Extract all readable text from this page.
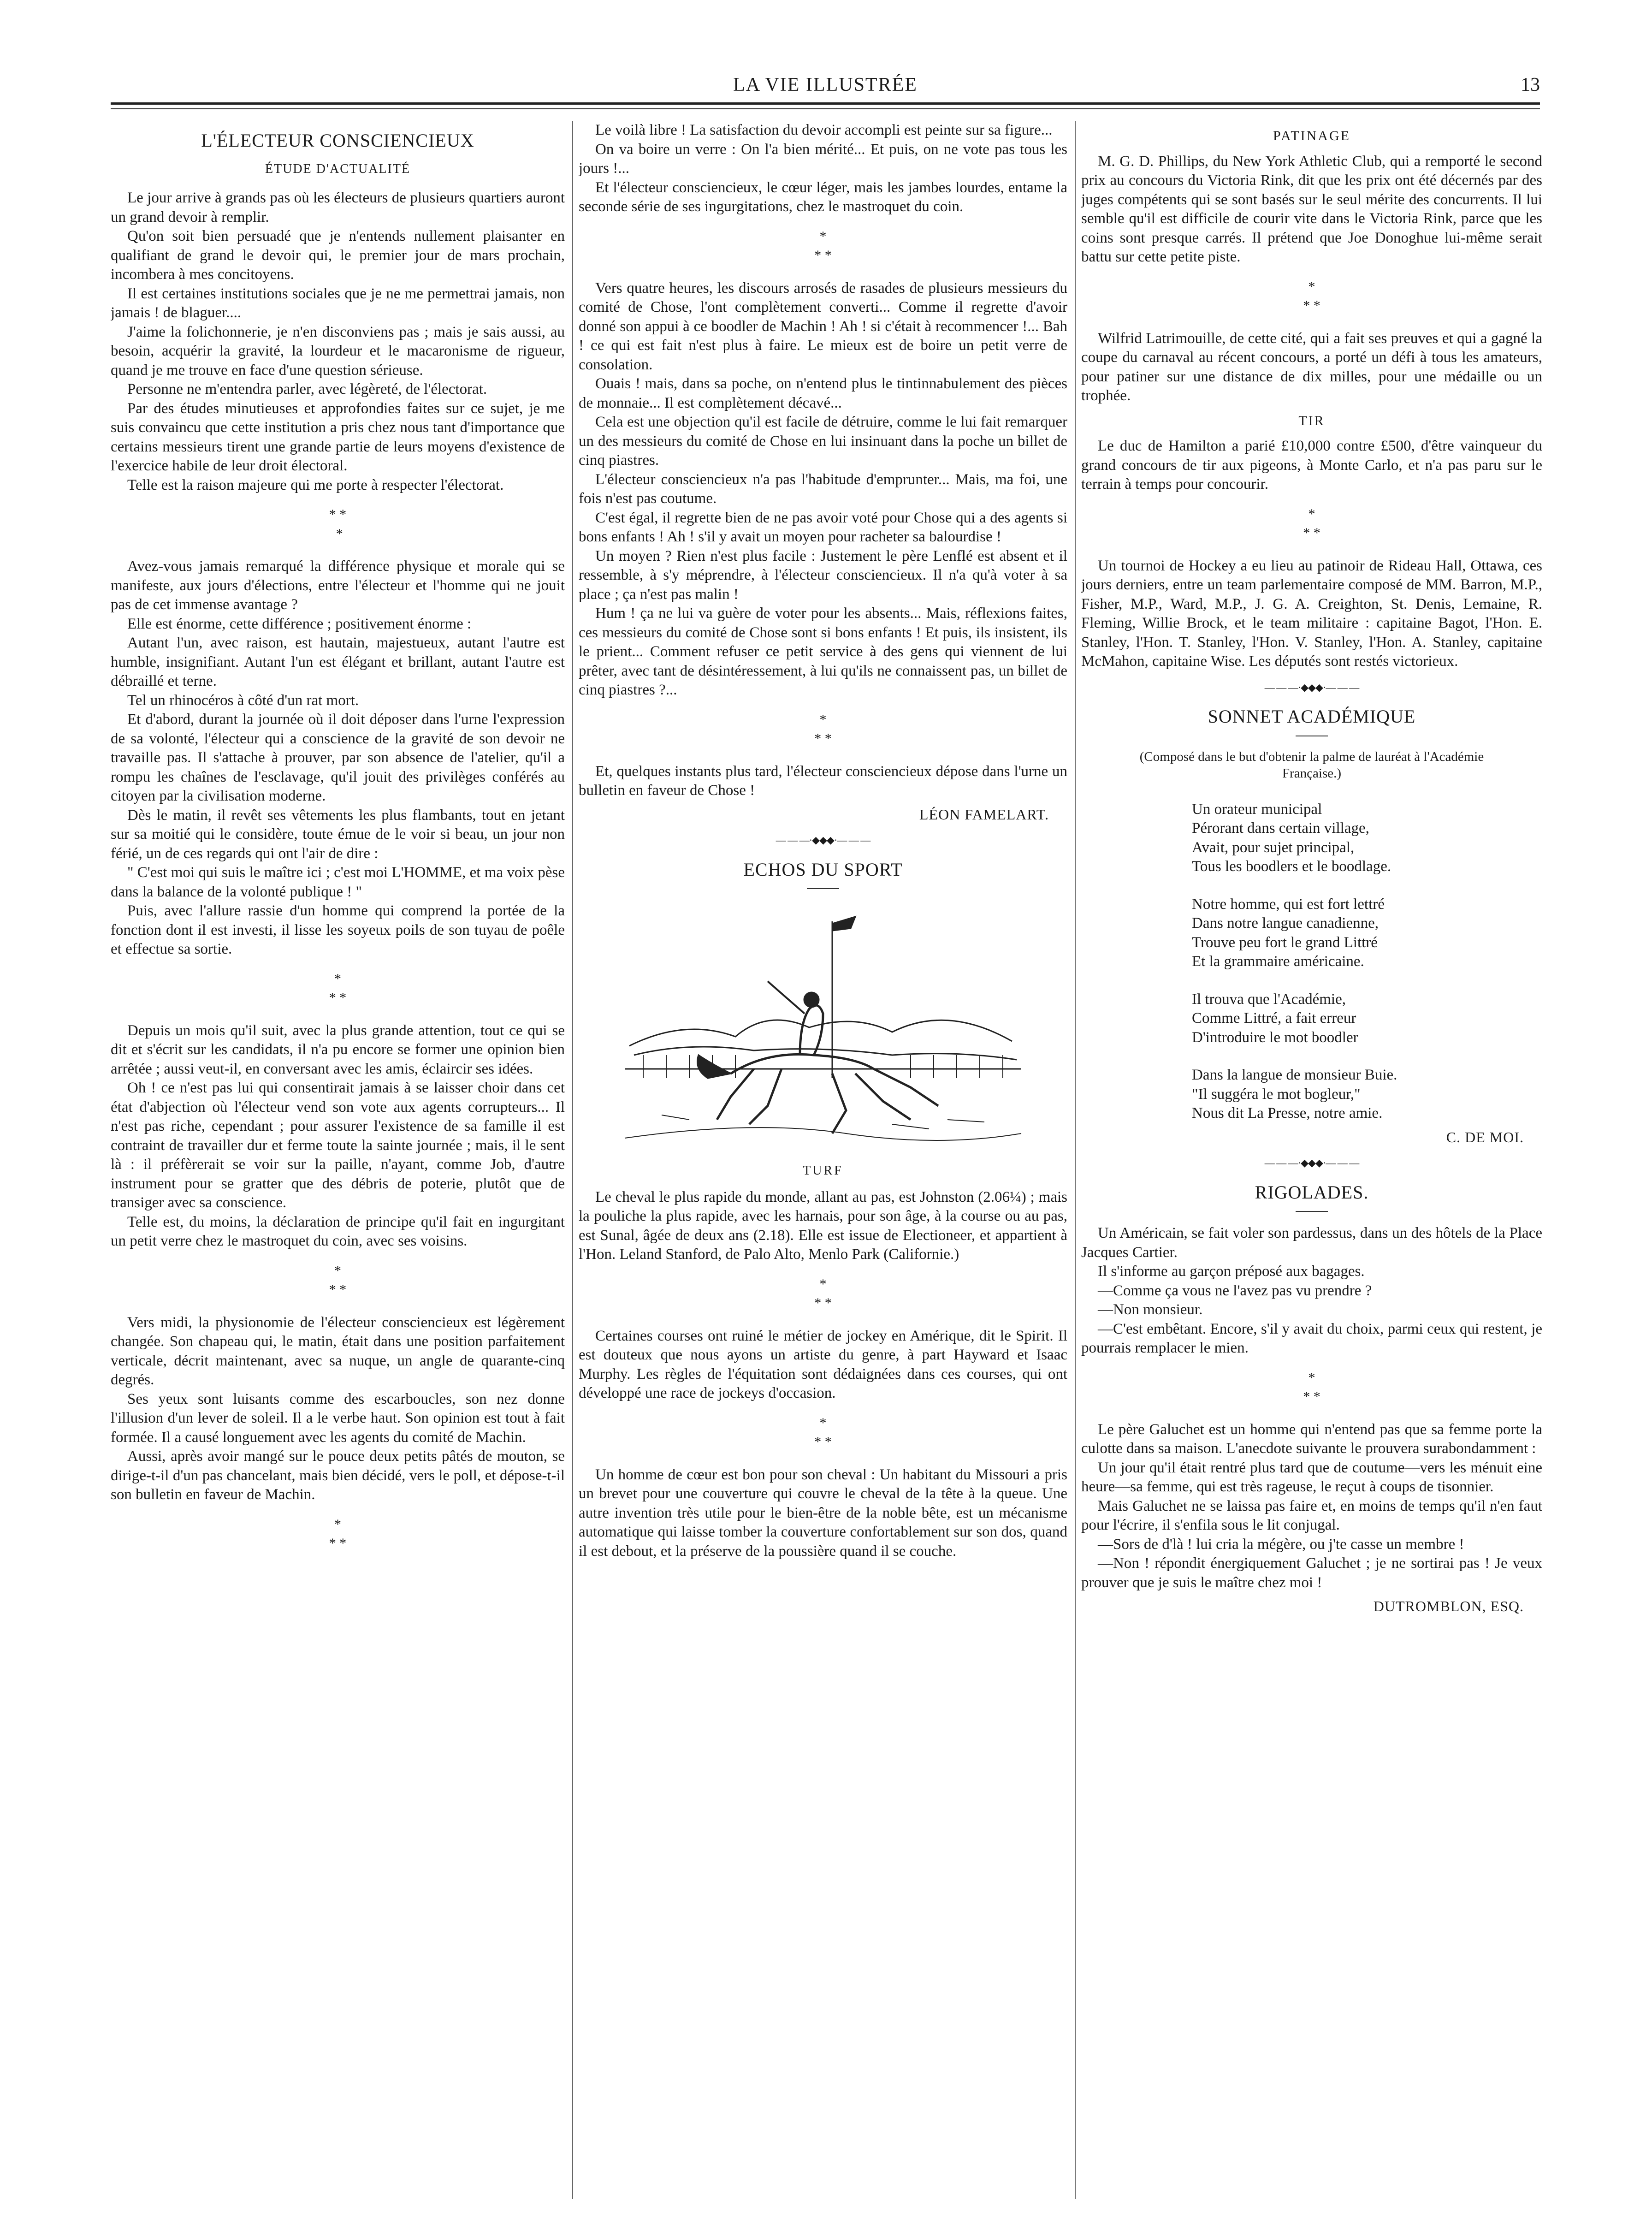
LA VIE ILLUSTRÉE	13

L'ÉLECTEUR CONSCIENCIEUX

ÉTUDE D'ACTUALITÉ

Le jour arrive à grands pas où les électeurs de plusieurs quartiers auront un grand devoir à remplir.

Qu'on soit bien persuadé que je n'entends nullement plaisanter en qualifiant de grand le devoir qui, le premier jour de mars prochain, incombera à mes concitoyens.

Il est certaines institutions sociales que je ne me permettrai jamais, non jamais ! de blaguer....

J'aime la folichonnerie, je n'en disconviens pas ; mais je sais aussi, au besoin, acquérir la gravité, la lourdeur et le macaronisme de rigueur, quand je me trouve en face d'une question sérieuse.

Personne ne m'entendra parler, avec légèreté, de l'électorat.

Par des études minutieuses et approfondies faites sur ce sujet, je me suis convaincu que cette institution a pris chez nous tant d'importance que certains messieurs tirent une grande partie de leurs moyens d'existence de l'exercice habile de leur droit électoral.

Telle est la raison majeure qui me porte à respecter l'électorat.

* *
*

Avez-vous jamais remarqué la différence physique et morale qui se manifeste, aux jours d'élections, entre l'électeur et l'homme qui ne jouit pas de cet immense avantage ?

Elle est énorme, cette différence ; positivement énorme :

Autant l'un, avec raison, est hautain, majestueux, autant l'autre est humble, insignifiant. Autant l'un est élégant et brillant, autant l'autre est débraillé et terne.

Tel un rhinocéros à côté d'un rat mort.

Et d'abord, durant la journée où il doit déposer dans l'urne l'expression de sa volonté, l'électeur qui a conscience de la gravité de son devoir ne travaille pas. Il s'attache à prouver, par son absence de l'atelier, qu'il a rompu les chaînes de l'esclavage, qu'il jouit des privilèges conférés au citoyen par la civilisation moderne.

Dès le matin, il revêt ses vêtements les plus flambants, tout en jetant sur sa moitié qui le considère, toute émue de le voir si beau, un jour non férié, un de ces regards qui ont l'air de dire :

" C'est moi qui suis le maître ici ; c'est moi L'HOMME, et ma voix pèse dans la balance de la volonté publique ! "

Puis, avec l'allure rassie d'un homme qui comprend la portée de la fonction dont il est investi, il lisse les soyeux poils de son tuyau de poêle et effectue sa sortie.

*
* *

Depuis un mois qu'il suit, avec la plus grande attention, tout ce qui se dit et s'écrit sur les candidats, il n'a pu encore se former une opinion bien arrêtée ; aussi veut-il, en conversant avec les amis, éclaircir ses idées.

Oh ! ce n'est pas lui qui consentirait jamais à se laisser choir dans cet état d'abjection où l'électeur vend son vote aux agents corrupteurs... Il n'est pas riche, cependant ; pour assurer l'existence de sa famille il est contraint de travailler dur et ferme toute la sainte journée ; mais, il le sent là : il préfèrerait se voir sur la paille, n'ayant, comme Job, d'autre instrument pour se gratter que des débris de poterie, plutôt que de transiger avec sa conscience.

Telle est, du moins, la déclaration de principe qu'il fait en ingurgitant un petit verre chez le mastroquet du coin, avec ses voisins.

*
* *

Vers midi, la physionomie de l'électeur consciencieux est légèrement changée. Son chapeau qui, le matin, était dans une position parfaitement verticale, décrit maintenant, avec sa nuque, un angle de quarante-cinq degrés.

Ses yeux sont luisants comme des escarboucles, son nez donne l'illusion d'un lever de soleil. Il a le verbe haut. Son opinion est tout à fait formée. Il a causé longuement avec les agents du comité de Machin.

Aussi, après avoir mangé sur le pouce deux petits pâtés de mouton, se dirige-t-il d'un pas chancelant, mais bien décidé, vers le poll, et dépose-t-il son bulletin en faveur de Machin.

*
* *

Le voilà libre ! La satisfaction du devoir accompli est peinte sur sa figure...

On va boire un verre : On l'a bien mérité... Et puis, on ne vote pas tous les jours !...

Et l'électeur consciencieux, le cœur léger, mais les jambes lourdes, entame la seconde série de ses ingurgitations, chez le mastroquet du coin.

*
* *

Vers quatre heures, les discours arrosés de rasades de plusieurs messieurs du comité de Chose, l'ont complètement converti... Comme il regrette d'avoir donné son appui à ce boodler de Machin ! Ah ! si c'était à recommencer !... Bah ! ce qui est fait n'est plus à faire. Le mieux est de boire un petit verre de consolation.

Ouais ! mais, dans sa poche, on n'entend plus le tintinnabulement des pièces de monnaie... Il est complètement décavé...

Cela est une objection qu'il est facile de détruire, comme le lui fait remarquer un des messieurs du comité de Chose en lui insinuant dans la poche un billet de cinq piastres.

L'électeur consciencieux n'a pas l'habitude d'emprunter... Mais, ma foi, une fois n'est pas coutume.

C'est égal, il regrette bien de ne pas avoir voté pour Chose qui a des agents si bons enfants ! Ah ! s'il y avait un moyen pour racheter sa balourdise !

Un moyen ? Rien n'est plus facile : Justement le père Lenflé est absent et il ressemble, à s'y méprendre, à l'électeur consciencieux. Il n'a qu'à voter à sa place ; ça n'est pas malin !

Hum ! ça ne lui va guère de voter pour les absents... Mais, réflexions faites, ces messieurs du comité de Chose sont si bons enfants ! Et puis, ils insistent, ils le prient... Comment refuser ce petit service à des gens qui viennent de lui prêter, avec tant de désintéressement, à lui qu'ils ne connaissent pas, un billet de cinq piastres ?...

*
* *

Et, quelques instants plus tard, l'électeur consciencieux dépose dans l'urne un bulletin en faveur de Chose !

LÉON FAMELART.

— — —·◆◆◆·— — —

ECHOS DU SPORT

TURF

Le cheval le plus rapide du monde, allant au pas, est Johnston (2.06¼) ; mais la pouliche la plus rapide, avec les harnais, pour son âge, à la course ou au pas, est Sunal, âgée de deux ans (2.18). Elle est issue de Electioneer, et appartient à l'Hon. Leland Stanford, de Palo Alto, Menlo Park (Californie.)

*
* *

Certaines courses ont ruiné le métier de jockey en Amérique, dit le Spirit. Il est douteux que nous ayons un artiste du genre, à part Hayward et Isaac Murphy. Les règles de l'équitation sont dédaignées dans ces courses, qui ont développé une race de jockeys d'occasion.

*
* *

Un homme de cœur est bon pour son cheval : Un habitant du Missouri a pris un brevet pour une couverture qui couvre le cheval de la tête à la queue. Une autre invention très utile pour le bien-être de la noble bête, est un mécanisme automatique qui laisse tomber la couverture confortablement sur son dos, quand il est debout, et la préserve de la poussière quand il se couche.

PATINAGE

M. G. D. Phillips, du New York Athletic Club, qui a remporté le second prix au concours du Victoria Rink, dit que les prix ont été décernés par des juges compétents qui se sont basés sur le seul mérite des concurrents. Il lui semble qu'il est difficile de courir vite dans le Victoria Rink, parce que les coins sont presque carrés. Il prétend que Joe Donoghue lui-même serait battu sur cette petite piste.

*
* *

Wilfrid Latrimouille, de cette cité, qui a fait ses preuves et qui a gagné la coupe du carnaval au récent concours, a porté un défi à tous les amateurs, pour patiner sur une distance de dix milles, pour une médaille ou un trophée.

TIR

Le duc de Hamilton a parié £10,000 contre £500, d'être vainqueur du grand concours de tir aux pigeons, à Monte Carlo, et n'a pas paru sur le terrain à temps pour concourir.

*
* *

Un tournoi de Hockey a eu lieu au patinoir de Rideau Hall, Ottawa, ces jours derniers, entre un team parlementaire composé de MM. Barron, M.P., Fisher, M.P., Ward, M.P., J. G. A. Creighton, St. Denis, Lemaine, R. Fleming, Willie Brock, et le team militaire : capitaine Bagot, l'Hon. E. Stanley, l'Hon. T. Stanley, l'Hon. V. Stanley, l'Hon. A. Stanley, capitaine McMahon, capitaine Wise. Les députés sont restés victorieux.

— — —·◆◆◆·— — —

SONNET ACADÉMIQUE

(Composé dans le but d'obtenir la palme de lauréat à l'Académie Française.)

Un orateur municipal
Pérorant dans certain village,
Avait, pour sujet principal,
Tous les boodlers et le boodlage.
Notre homme, qui est fort lettré
Dans notre langue canadienne,
Trouve peu fort le grand Littré
Et la grammaire américaine.
Il trouva que l'Académie,
Comme Littré, a fait erreur
D'introduire le mot boodler
Dans la langue de monsieur Buie.
"Il suggéra le mot bogleur,"
Nous dit La Presse, notre amie.

C. DE MOI.

— — —·◆◆◆·— — —

RIGOLADES.

Un Américain, se fait voler son pardessus, dans un des hôtels de la Place Jacques Cartier.

Il s'informe au garçon préposé aux bagages.

—Comme ça vous ne l'avez pas vu prendre ?

—Non monsieur.

—C'est embêtant. Encore, s'il y avait du choix, parmi ceux qui restent, je pourrais remplacer le mien.

*
* *

Le père Galuchet est un homme qui n'entend pas que sa femme porte la culotte dans sa maison. L'anecdote suivante le prouvera surabondamment :

Un jour qu'il était rentré plus tard que de coutume—vers les ménuit eine heure—sa femme, qui est très rageuse, le reçut à coups de tisonnier.

Mais Galuchet ne se laissa pas faire et, en moins de temps qu'il n'en faut pour l'écrire, il s'enfila sous le lit conjugal.

—Sors de d'là ! lui cria la mégère, ou j'te casse un membre !

—Non ! répondit énergiquement Galuchet ; je ne sortirai pas ! Je veux prouver que je suis le maître chez moi !

DUTROMBLON, ESQ.
